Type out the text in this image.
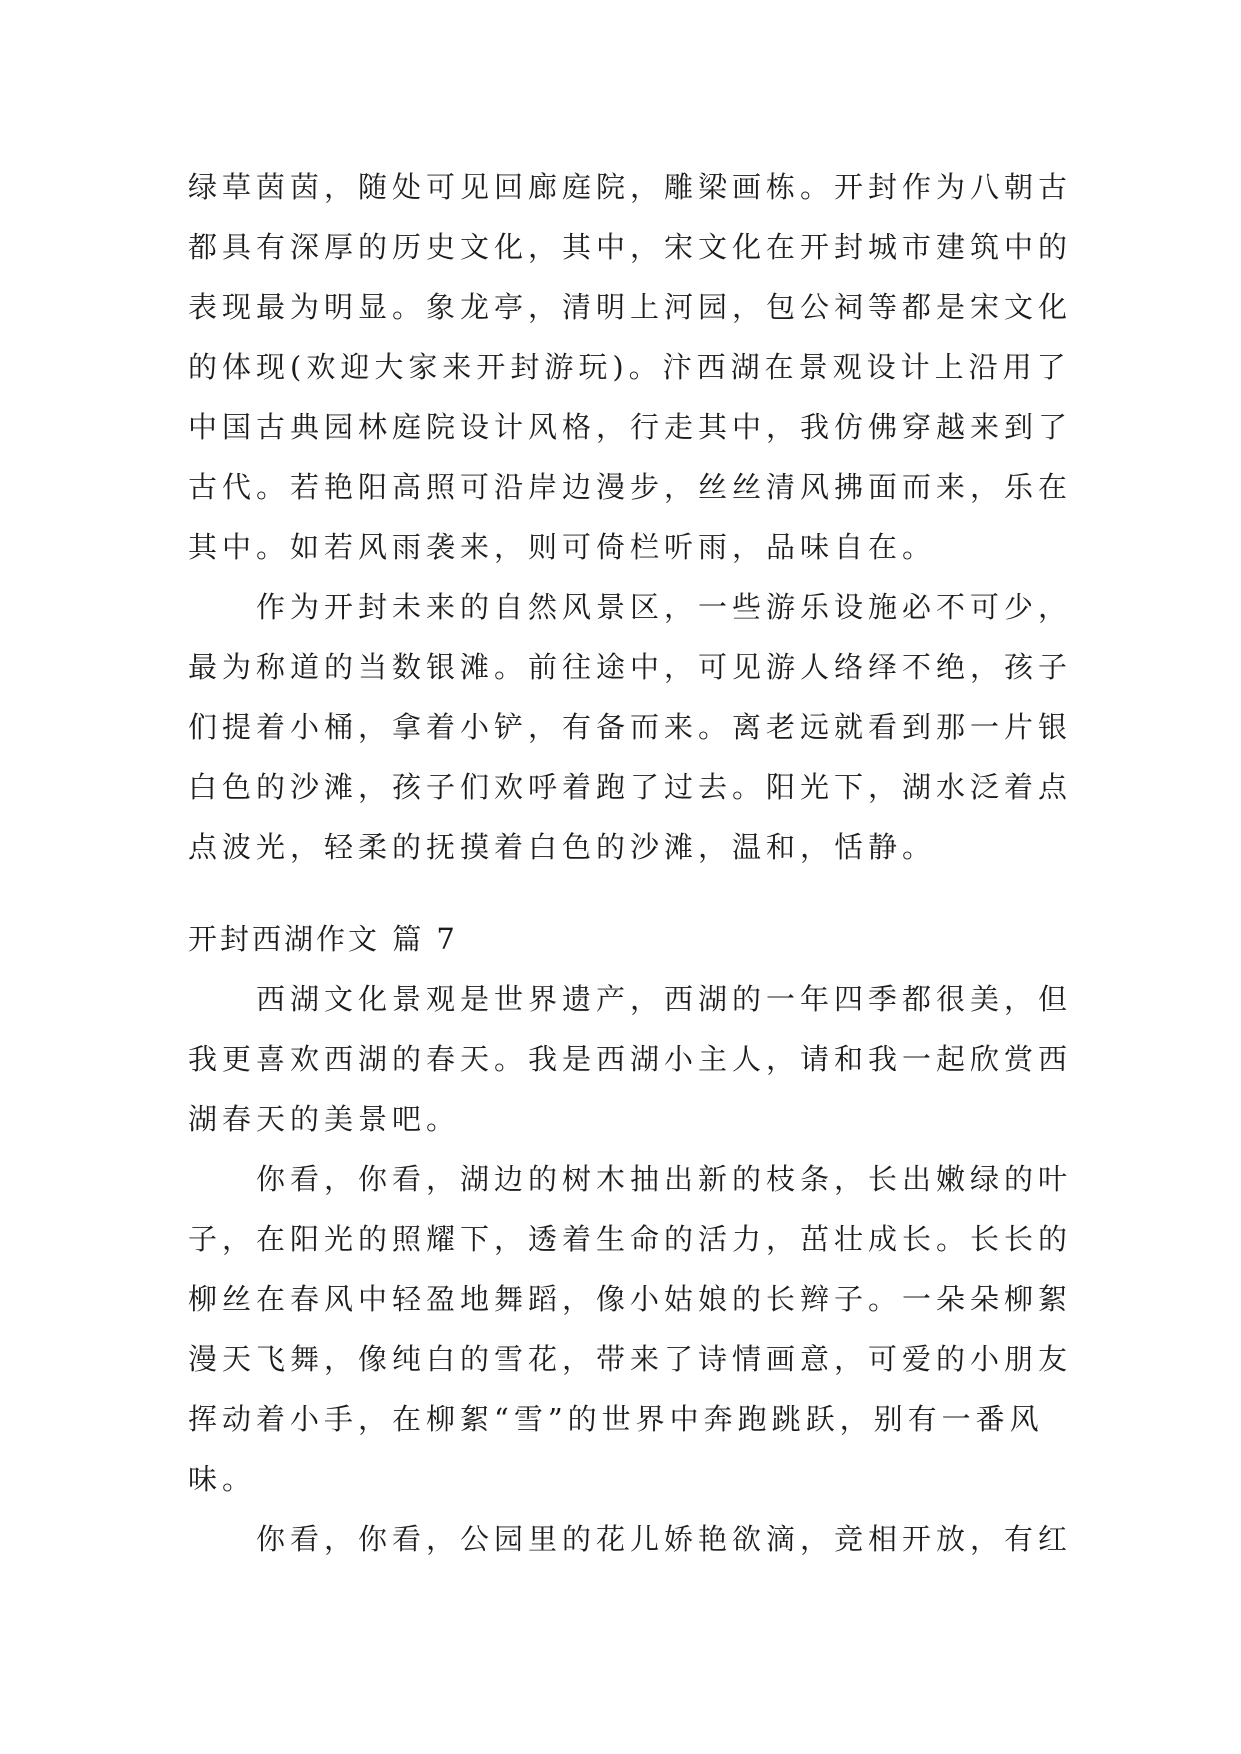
绿草茵茵，随处可见回廊庭院，雕梁画栋。开封作为八朝古
都具有深厚的历史文化，其中，宋文化在开封城市建筑中的
表现最为明显。象龙亭，清明上河园，包公祠等都是宋文化
的体现(欢迎大家来开封游玩)。汴西湖在景观设计上沿用了
中国古典园林庭院设计风格，行走其中，我仿佛穿越来到了
古代。若艳阳高照可沿岸边漫步，丝丝清风拂面而来，乐在
其中。如若风雨袭来，则可倚栏听雨，品味自在。
作为开封未来的自然风景区，一些游乐设施必不可少，
最为称道的当数银滩。前往途中，可见游人络绎不绝，孩子
们提着小桶，拿着小铲，有备而来。离老远就看到那一片银
白色的沙滩，孩子们欢呼着跑了过去。阳光下，湖水泛着点
点波光，轻柔的抚摸着白色的沙滩，温和，恬静。
开封西湖作文 篇 7
西湖文化景观是世界遗产，西湖的一年四季都很美，但
我更喜欢西湖的春天。我是西湖小主人，请和我一起欣赏西
湖春天的美景吧。
你看，你看，湖边的树木抽出新的枝条，长出嫩绿的叶
子，在阳光的照耀下，透着生命的活力，茁壮成长。长长的
柳丝在春风中轻盈地舞蹈，像小姑娘的长辫子。一朵朵柳絮
漫天飞舞，像纯白的雪花，带来了诗情画意，可爱的小朋友
挥动着小手，在柳絮“雪”的世界中奔跑跳跃，别有一番风
味。
你看，你看，公园里的花儿娇艳欲滴，竞相开放，有红
